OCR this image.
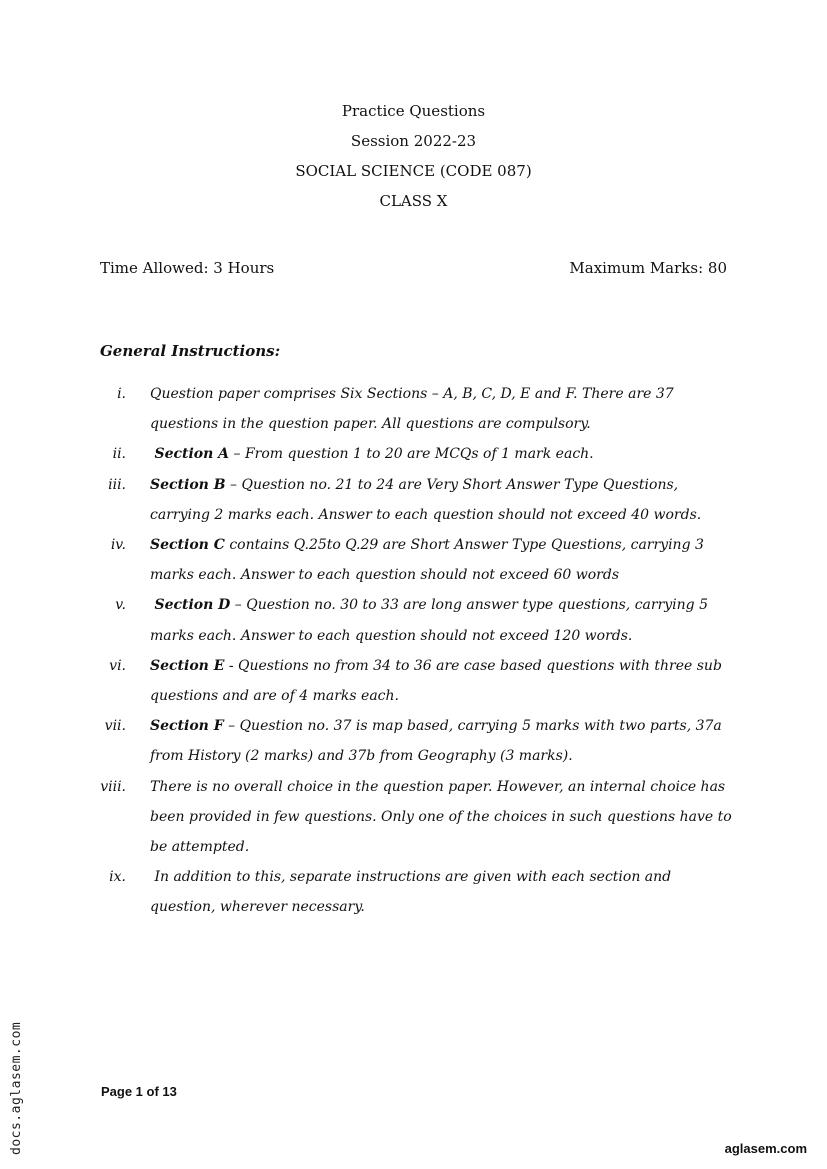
Practice Questions
Session 2022-23
SOCIAL SCIENCE (CODE 087)
CLASS X
Time Allowed: 3 Hours	Maximum Marks: 80
General Instructions:
i. Question paper comprises Six Sections – A, B, C, D, E and F. There are 37 questions in the question paper. All questions are compulsory.
ii.	Section A – From question 1 to 20 are MCQs of 1 mark each.
iii. Section B – Question no. 21 to 24 are Very Short Answer Type Questions, carrying 2 marks each. Answer to each question should not exceed 40 words.
iv. Section C contains Q.25to Q.29 are Short Answer Type Questions, carrying 3 marks each. Answer to each question should not exceed 60 words
v.	Section D – Question no. 30 to 33 are long answer type questions, carrying 5 marks each. Answer to each question should not exceed 120 words.
vi. Section E - Questions no from 34 to 36 are case based questions with three sub questions and are of 4 marks each.
vii. Section F – Question no. 37 is map based, carrying 5 marks with two parts, 37a from History (2 marks) and 37b from Geography (3 marks).
viii. There is no overall choice in the question paper. However, an internal choice has been provided in few questions. Only one of the choices in such questions have to be attempted.
ix.	In addition to this, separate instructions are given with each section and question, wherever necessary.
Page 1 of 13
docs.aglasem.com	aglasem.com
